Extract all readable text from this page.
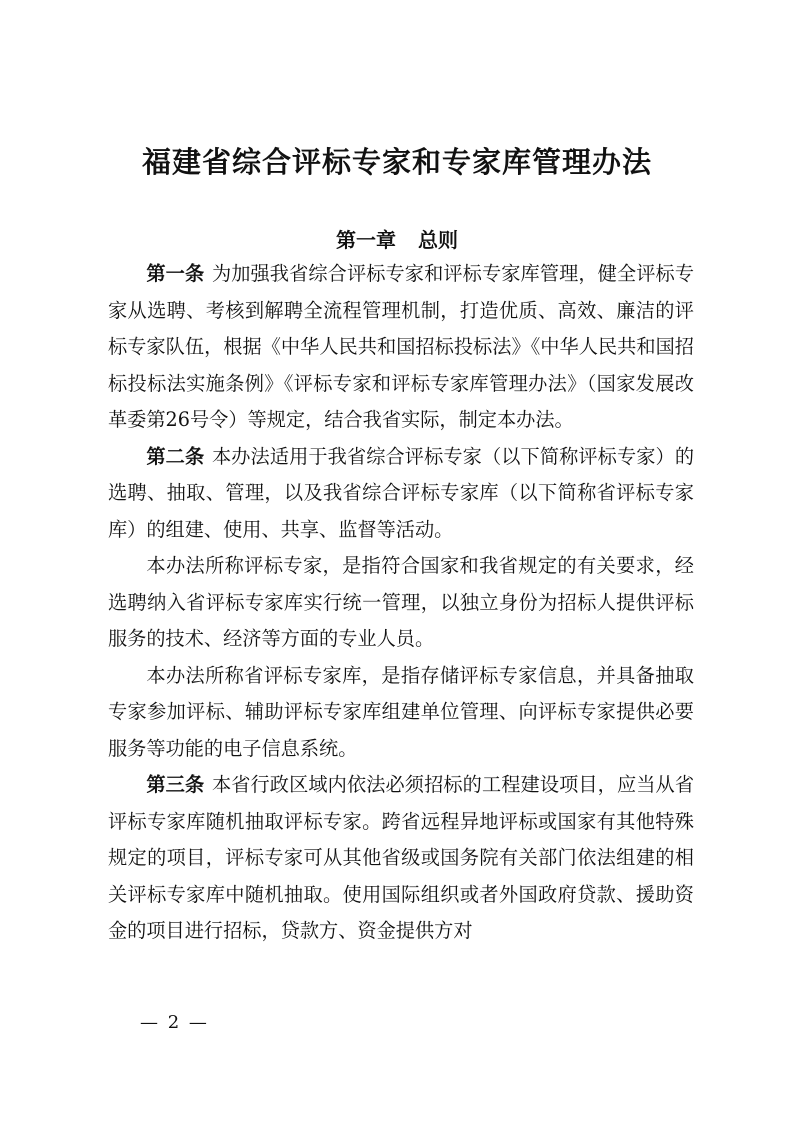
福建省综合评标专家和专家库管理办法
第一章 总则

第一条 为加强我省综合评标专家和评标专家库管理，健全评标专家从选聘、考核到解聘全流程管理机制，打造优质、高效、廉洁的评标专家队伍，根据《中华人民共和国招标投标法》《中华人民共和国招标投标法实施条例》《评标专家和评标专家库管理办法》（国家发展改革委第26号令）等规定，结合我省实际，制定本办法。

第二条 本办法适用于我省综合评标专家（以下简称评标专家）的选聘、抽取、管理，以及我省综合评标专家库（以下简称省评标专家库）的组建、使用、共享、监督等活动。

本办法所称评标专家，是指符合国家和我省规定的有关要求，经选聘纳入省评标专家库实行统一管理，以独立身份为招标人提供评标服务的技术、经济等方面的专业人员。

本办法所称省评标专家库，是指存储评标专家信息，并具备抽取专家参加评标、辅助评标专家库组建单位管理、向评标专家提供必要服务等功能的电子信息系统。

第三条 本省行政区域内依法必须招标的工程建设项目，应当从省评标专家库随机抽取评标专家。跨省远程异地评标或国家有其他特殊规定的项目，评标专家可从其他省级或国务院有关部门依法组建的相关评标专家库中随机抽取。使用国际组织或者外国政府贷款、援助资金的项目进行招标，贷款方、资金提供方对

— 2 —
